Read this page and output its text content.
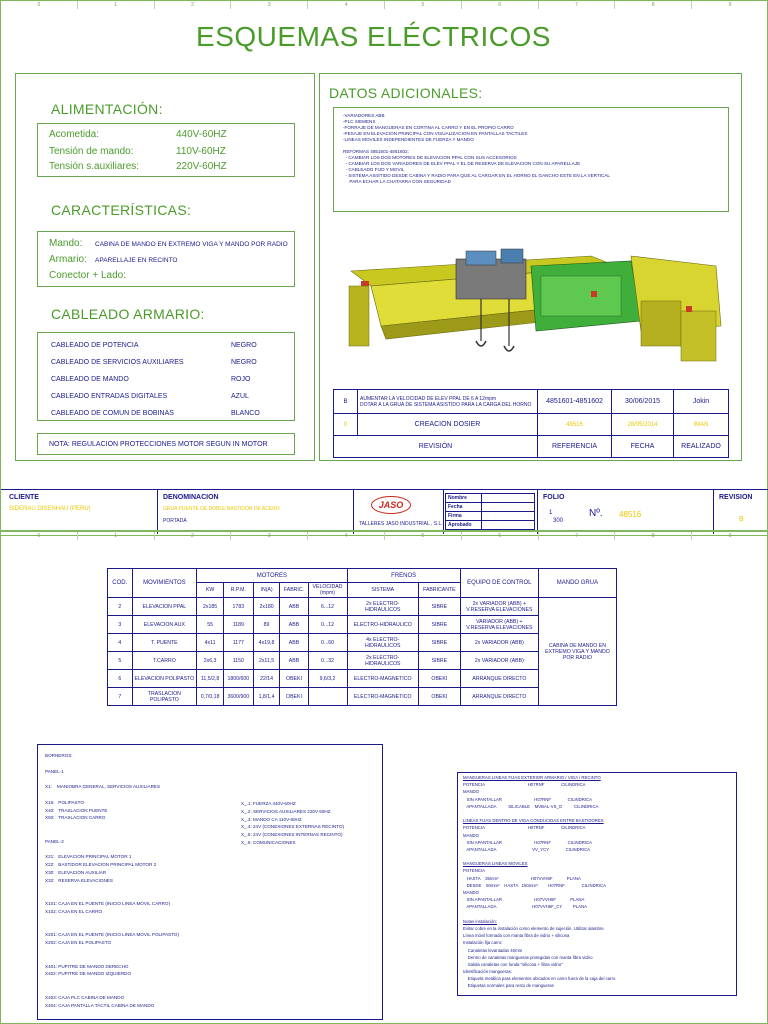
0	1	2	3	4	5	6	7	8	9
ESQUEMAS ELÉCTRICOS
ALIMENTACIÓN:
Acometida:	440V-60HZ
Tensión de mando:	110V-60HZ
Tensión s.auxiliares:	220V-60HZ
CARACTERÍSTICAS:
Mando: CABINA DE MANDO EN EXTREMO VIGA Y MANDO POR RADIO
Armario: APARELLAJE EN RECINTO
Conector + Lado:
CABLEADO ARMARIO:
CABLEADO DE POTENCIA	NEGRO
CABLEADO DE SERVICIOS AUXILIARES	NEGRO
CABLEADO DE MANDO	ROJO
CABLEADO ENTRADAS DIGITALES	AZUL
CABLEADO DE COMUN DE BOBINAS	BLANCO
NOTA: REGULACION PROTECCIONES MOTOR SEGUN IN MOTOR
DATOS ADICIONALES:
-VARIADORES ABB
-PLC SIEMENS
-FORRAJE DE MANGUERAS EN CORTINA AL CARRO Y EN EL PROPIO CARRO
-PESAJE EN ELEVACION PRINCIPAL CON VISUALIZACION EN PANTALLAS TACTILES
-LINEAS MOVILES INDEPENDIENTES DE FUERZA Y MANDO
REFORMAS 4851601-4851602:
- CAMBIAR LOS DOS MOTORES DE ELEVACION PPAL CON SUS ACCESORIOS
- CAMBIAR LOS DOS VARIADORES DE ELEV PPAL Y EL DE RESERVA DE ELEVACION CON SU APARELLAJE
- CABLEADO FIJO Y MOVIL
- SISTEMA ASISTIDO DESDE CABINA Y RADIO PARA QUE AL CARGAR EN EL HORNO EL GANCHO ESTE EN LA VERTICAL
PARA ECHAR LA CHATARRA CON SEGURIDAD
B	AUMENTAR LA VELOCIDAD DE ELEV PPAL DE 6 A 12mpm
DOTAR A LA GRUA DE SISTEMA ASISTIDO PARA LA CARGA DEL HORNO	4851601-4851602	30/06/2015	Jokin
0	CREACION DOSIER	48516	28/05/2014	IMAN
REVISIÓN		REFERENCIA	FECHA	REALIZADO
CLIENTE
SIDERAU DISENHAU (PERU)
DENOMINACION
GRUA PUENTE DE DOBLE BASTIDOR DE ACERO
PORTADA
JASO
TALLERES JASO INDUSTRIAL , S.L.
Nombre	
Fecha	
Firma	
Aprobado	
FOLIO
1
300
Nº. 48516
REVISION
B
0	1	2	3	4	5	6	7	8	9
COD.	MOVIMIENTOS	MOTORES					FRENOS		EQUIPO DE CONTROL	MANDO GRUA
		KW	R.P.M.	IN(A)	FABRIC.	VELOCIDAD (mpm)	SISTEMA	FABRICANTE		
2	ELEVACION PPAL	2x185	1783	2x180	ABB	6...12	2x ELECTRO-HIDRAULICOS	SIBRE	2x VARIADOR (ABB) + V.RESERVA ELEVACIONES	CABINA DE MANDO EN EXTREMO VIGA Y MANDO POR RADIO
3	ELEVACION AUX	55	1189	89	ABB	0...12	ELECTRO-HIDRAULICO	SIBRE	VARIADOR (ABB) + V.RESERVA ELEVACIONES	
4	T. PUENTE	4x11	1177	4x19,8	ABB	0...60	4x ELECTRO-HIDRAULICOS	SIBRE	2x VARIADOR (ABB)	
5	T.CARRO	2x6,3	1150	2x11,5	ABB	0...32	2x ELECTRO-HIDRAULICOS	SIBRE	2x VARIADOR (ABB)	
6	ELEVACION POLIPASTO	11,5/2,8	1800/600	22/14	OBEKI	9,6/3,2	ELECTRO-MAGNETICO	OBEKI	ARRANQUE DIRECTO	
7	TRASLACION POLIPASTO	0,7/0,18	3600/900	1,8/1,4	OBEKI		ELECTRO-MAGNETICO	OBEKI	ARRANQUE DIRECTO	
BORNEROS:
PANEL-1
X1:    MANIOBRA GENERAL, SERVICIOS AUXILIARES
X16:   POLIPASTO
X40:   TRASLACION PUENTE
X50:   TRASLACION CARRO
PANEL-2
X21:   ELEVACION PRINCIPAL MOTOR 1
X22:   BASTIDOR ELEVACION PRINCIPAL MOTOR 2
X30:   ELEVACION AUXILIAR
X32:   RESERVA ELEVACIONES
X101: CAJA EN EL PUENTE (INICIO LINEA MOVIL CARRO)
X102: CAJA EN EL CARRO
X201: CAJA EN EL PUENTE (INICIO LINEA MOVIL POLIPASTO)
X202: CAJA EN EL POLIPASTO
X401: PUPITRE DE MANDO DERECHO
X402: PUPITRE DE MANDO IZQUIERDO
X403: CAJA PLC CABINA DE MANDO
X404: CAJA PANTALLA TACTIL CABINA DE MANDO
X_.1: FUERZA 440V-60HZ
X_.2: SERVICIOS AUXILIARES 220V 60HZ
X_.3: MANDO CA 110V-60HZ
X_.4: 24V (CONEXIONES EXTERNAS RECINTO)
X_.5: 24V (CONEXIONES INTERNAS RECINTO)
X_.6: COMUNICACIONES
MANGUERAS LINEAS FIJAS EXTERIOR ARMARIO / VIGA / RECINTO
POTENCIA                                    H07RNF              CILINDRICA
MANDO
SIN APANTALLAR                           H07RNF              CILINDRICA
APANTALLADA          SILICABLE    MVBAL-VS_G          CILINDRICA
LINEAS FIJAS DENTRO DE VIGA CONDUCIDAS ENTRE BASTIDORES
POTENCIA                                    H07RNF              CILINDRICA
MANDO
SIN APANTALLAR                           H07RNF              CILINDRICA
APANTALLADA                              VV_YCY              CILINDRICA
MANGUERAS LINEAS MOVILES
POTENCIA
HASTA    35mm²                           H07VVH6F            PLANA
DESDE    50mm²    HASTA   150mm²:        H07RNF              CILINDRICA
MANDO
SIN APANTALLAR                           H07VVH6F            PLANA
APANTALLADA                              H07VVH6F_CY         PLANA
Notas instalación:
Evitar cobre en la instalación como elemento de sujeción. Utilizar alambre.
Línea móvil formada con manta fibra de vidrio + silicona
Instalación fija carro:
Canaletas levantadas 40mm
Dentro de canaletas mangueras protegidas con manta fibra vidrio
Salida canaletas con funda "silicona + fibra vidrio"
Identificación mangueras:
Etiqueta metálica para elementos ubicados en carro fuera de la caja del carro
Etiquetas normales para resto de mangueras
